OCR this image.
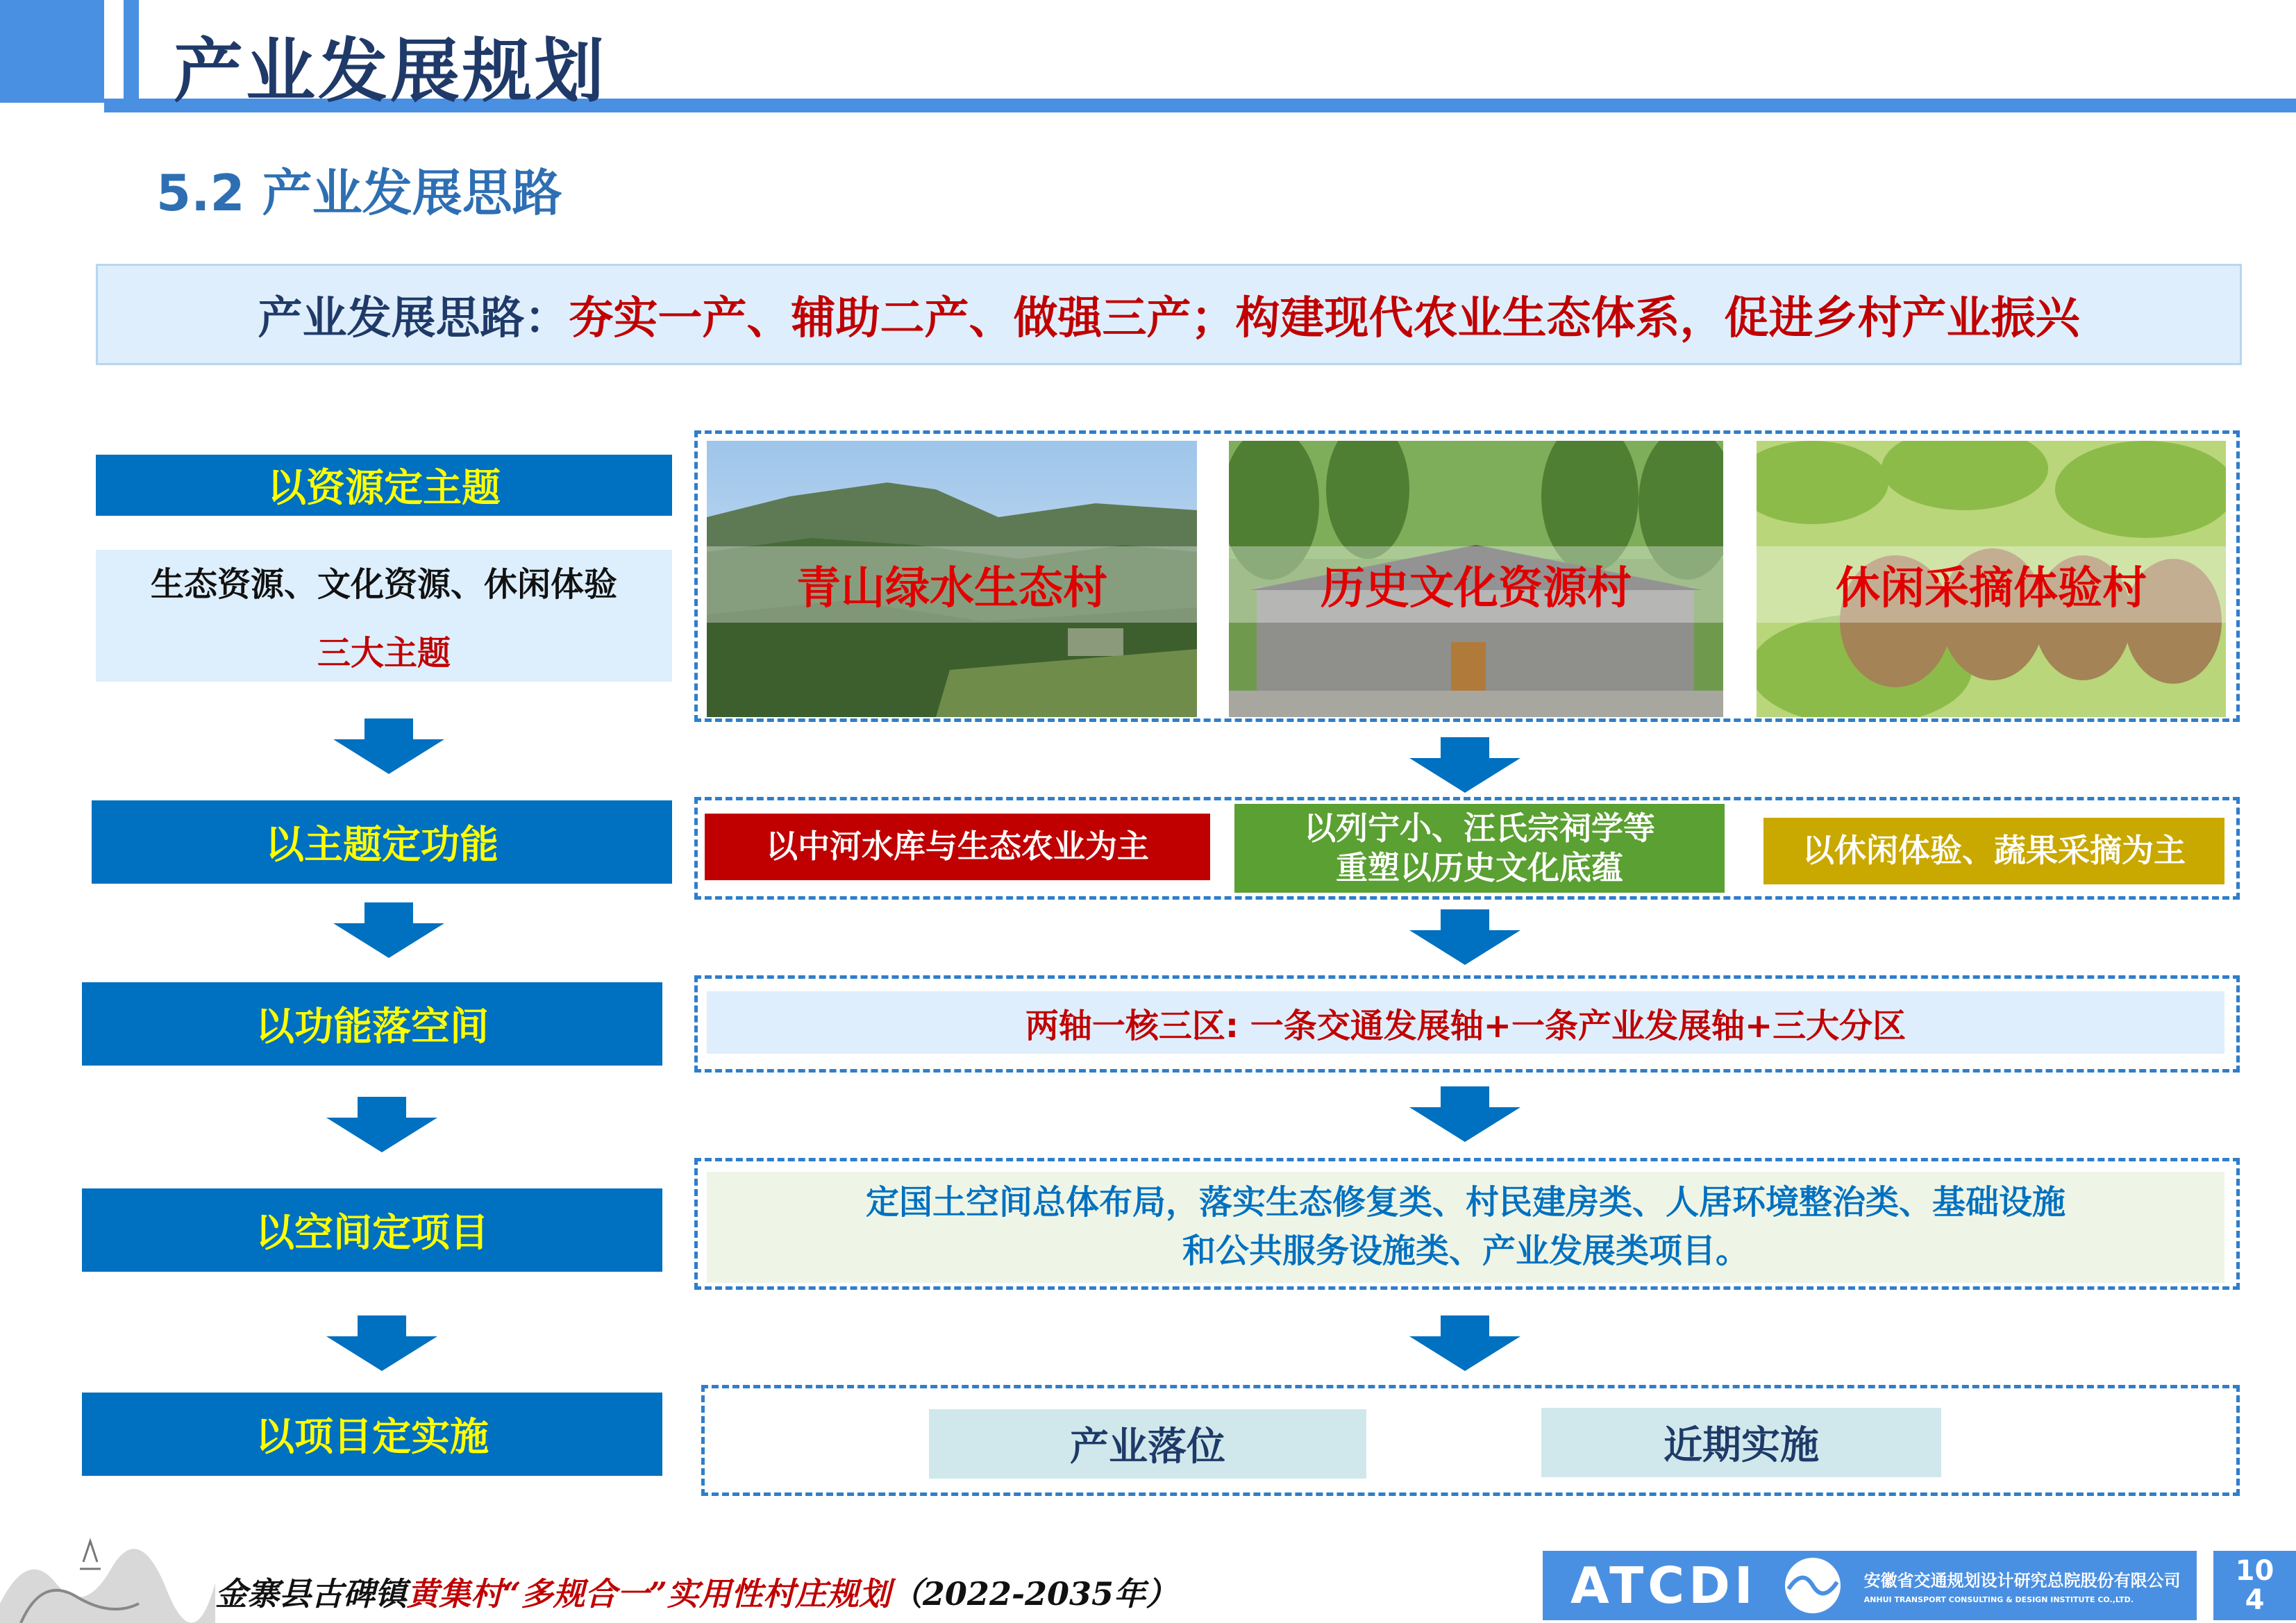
产业发展规划
5.2 产业发展思路
产业发展思路： 夯实一产、辅助二产、做强三产；构建现代农业生态体系，促进乡村产业振兴
以资源定主题
生态资源、文化资源、休闲体验
三大主题
以主题定功能
以功能落空间
以空间定项目
以项目定实施
青山绿水生态村	历史文化资源村	休闲采摘体验村
以中河水库与生态农业为主	以列宁小、汪氏宗祠学等
重塑以历史文化底蕴	以休闲体验、蔬果采摘为主
两轴一核三区: 一条交通发展轴+一条产业发展轴+三大分区
定国土空间总体布局，落实生态修复类、村民建房类、人居环境整治类、基础设施
和公共服务设施类、产业发展类项目。
产业落位	近期实施
金寨县古碑镇黄集村“多规合一”实用性村庄规划（2022-2035年）	ATCDI	安徽省交通规划设计研究总院股份有限公司
ANHUI TRANSPORT CONSULTING & DESIGN INSTITUTE CO.,LTD.
10
4
